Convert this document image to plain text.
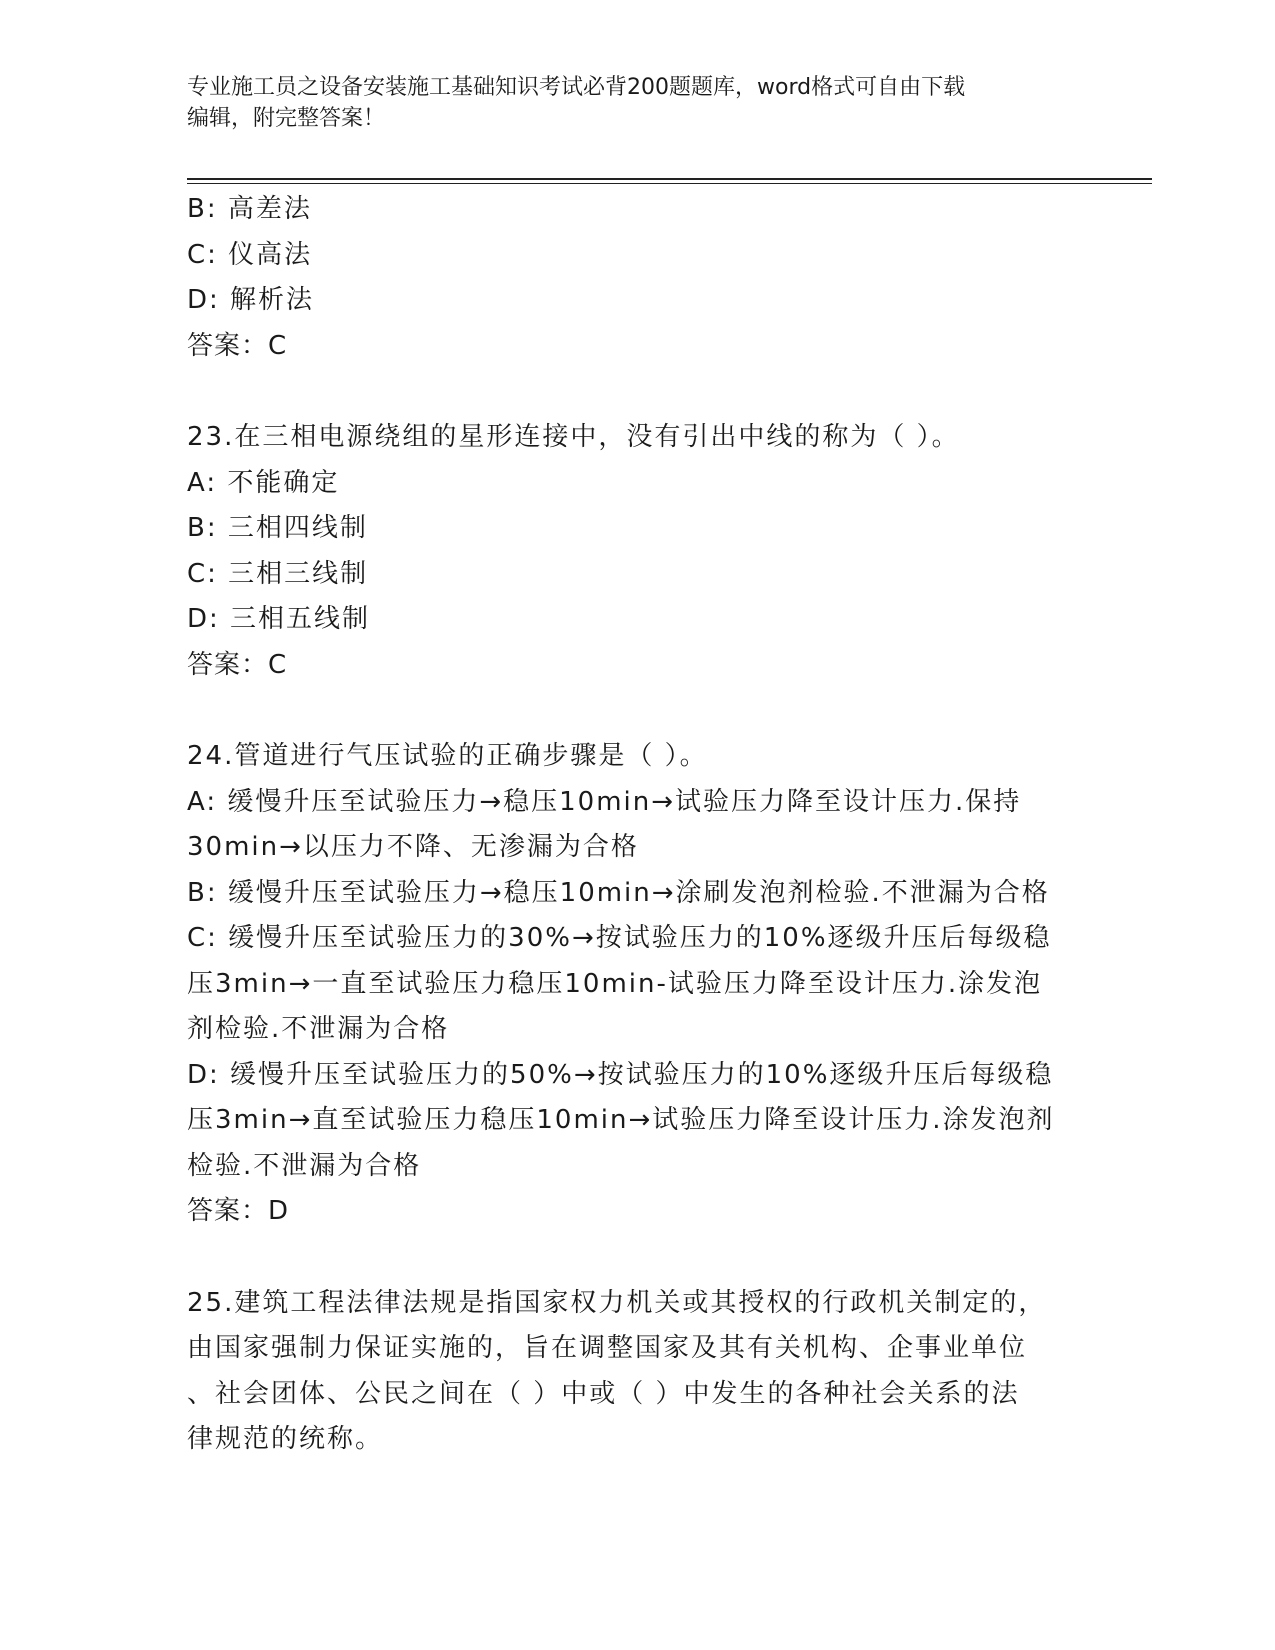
专业施工员之设备安装施工基础知识考试必背200题题库，word格式可自由下载
编辑，附完整答案！
B: 高差法
C: 仪高法
D: 解析法
答案：C
23.在三相电源绕组的星形连接中，没有引出中线的称为（ ）。
A: 不能确定
B: 三相四线制
C: 三相三线制
D: 三相五线制
答案：C
24.管道进行气压试验的正确步骤是（ ）。
A: 缓慢升压至试验压力→稳压10min→试验压力降至设计压力.保持
30min→以压力不降、无渗漏为合格
B: 缓慢升压至试验压力→稳压10min→涂刷发泡剂检验.不泄漏为合格
C: 缓慢升压至试验压力的30%→按试验压力的10%逐级升压后每级稳
压3min→一直至试验压力稳压10min-试验压力降至设计压力.涂发泡
剂检验.不泄漏为合格
D: 缓慢升压至试验压力的50%→按试验压力的10%逐级升压后每级稳
压3min→直至试验压力稳压10min→试验压力降至设计压力.涂发泡剂
检验.不泄漏为合格
答案：D
25.建筑工程法律法规是指国家权力机关或其授权的行政机关制定的，
由国家强制力保证实施的，旨在调整国家及其有关机构、企事业单位
、社会团体、公民之间在（ ）中或（ ）中发生的各种社会关系的法
律规范的统称。
